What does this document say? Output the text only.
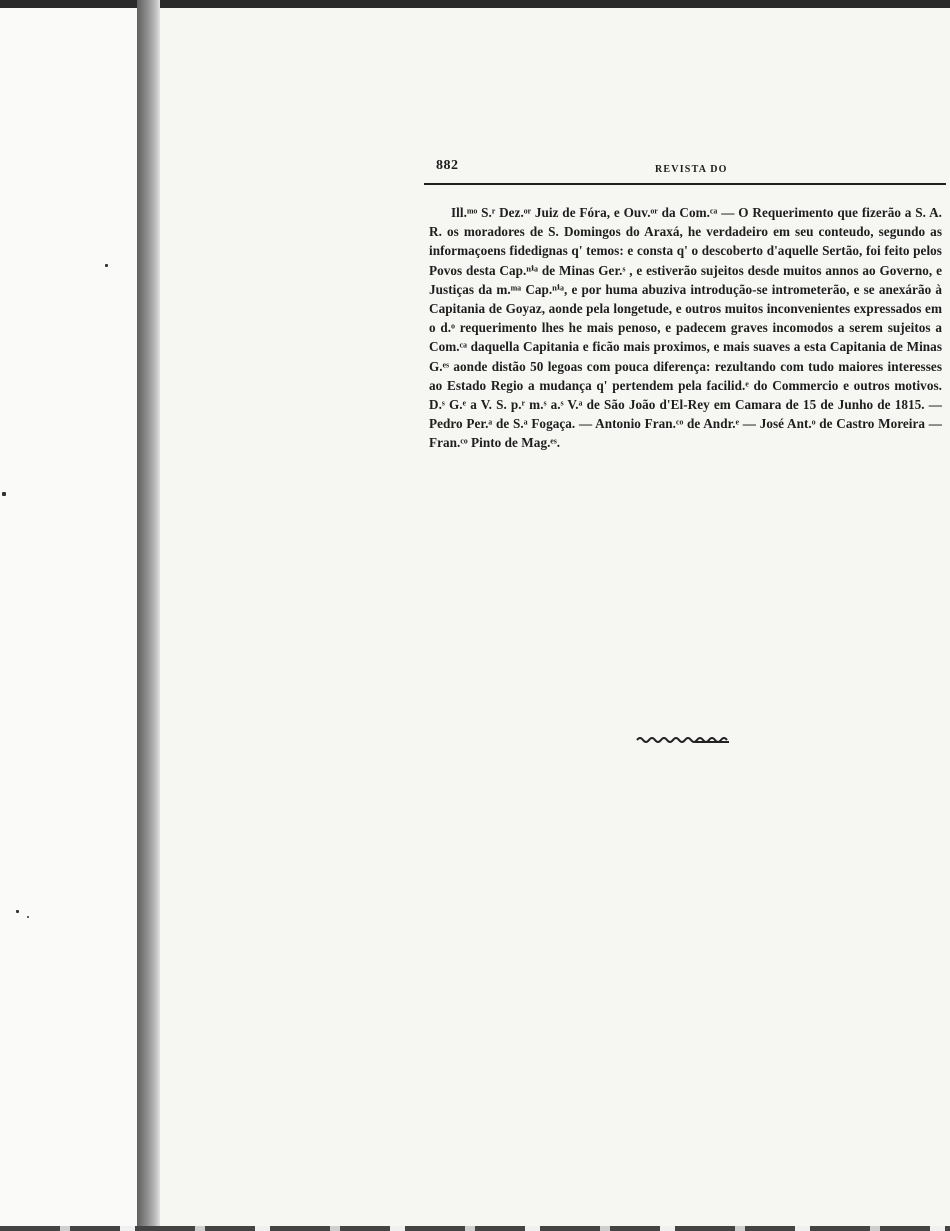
882	REVISTA DO

Ill.ᵐᵒ S.ʳ Dez.ᵒʳ Juiz de Fóra, e Ouv.ᵒʳ da Com.ᶜᵃ — O Requerimento que fizerão a S. A. R. os moradores de S. Domingos do Araxá, he verdadeiro em seu conteudo, segundo as informaçoens fidedignas q' temos: e consta q' o descoberto d'aquelle Sertão, foi feito pelos Povos desta Cap.ⁿⁱᵃ de Minas Ger.ˢ , e estiverão sujeitos desde muitos annos ao Governo, e Justiças da m.ᵐᵃ Cap.ⁿⁱᵃ, e por huma abuziva introdução-se intrometerão, e se anexárão à Capitania de Goyaz, aonde pela longetude, e outros muitos inconvenientes expressados em o d.ᵒ requerimento lhes he mais penoso, e padecem graves incomodos a serem sujeitos a Com.ᶜᵃ daquella Capitania e ficão mais proximos, e mais suaves a esta Capitania de Minas G.ᵉˢ aonde distão 50 legoas com pouca diferença: rezultando com tudo maiores interesses ao Estado Regio a mudança q' pertendem pela facilid.ᵉ do Commercio e outros motivos. D.ˢ G.ᵉ a V. S. p.ʳ m.ˢ a.ˢ V.ᵃ de São João d'El-Rey em Camara de 15 de Junho de 1815. — Pedro Per.ᵃ de S.ᵃ Fogaça. — Antonio Fran.ᶜᵒ de Andr.ᵉ — José Ant.ᵒ de Castro Moreira — Fran.ᶜᵒ Pinto de Mag.ᵉˢ.
